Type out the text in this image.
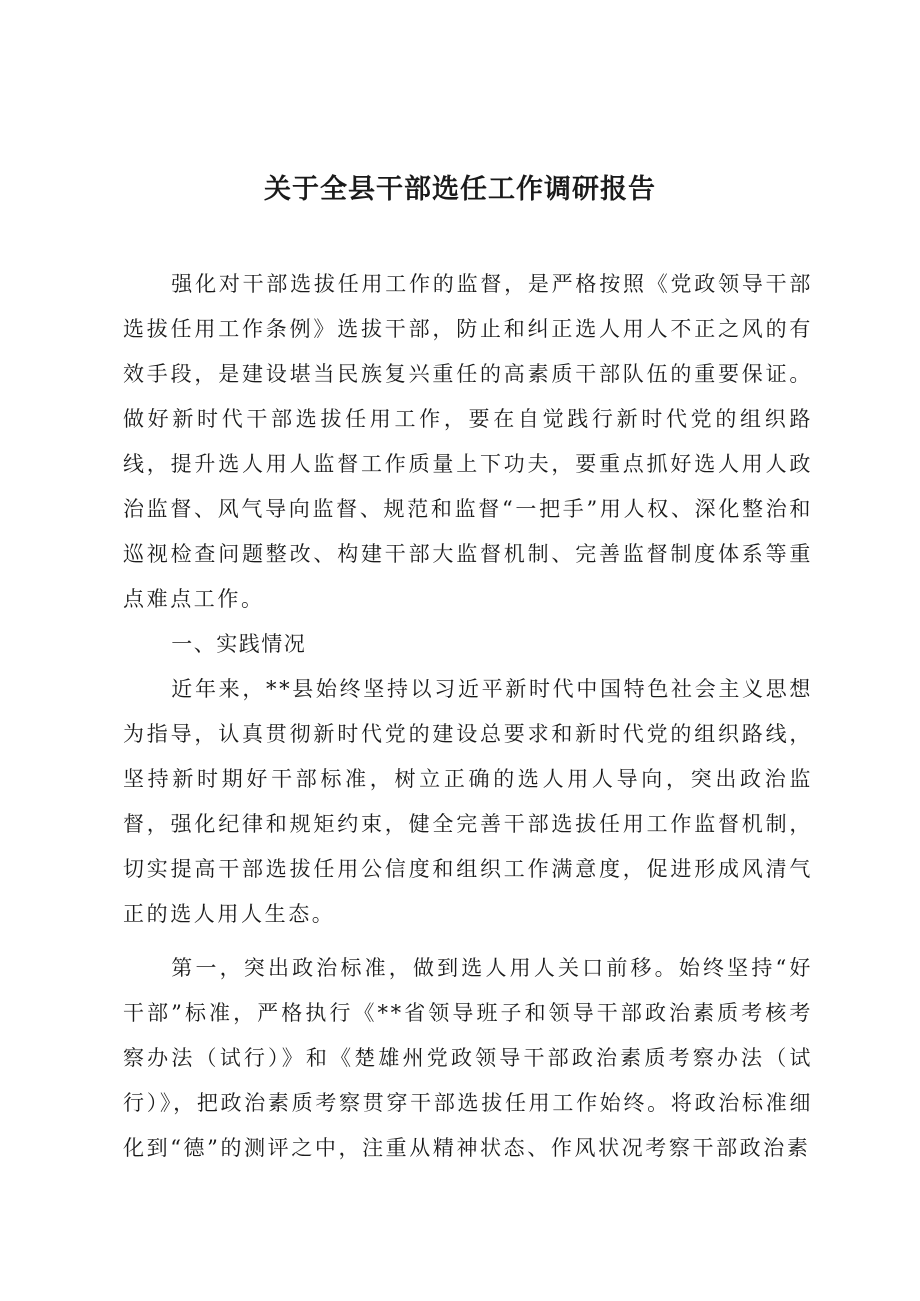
关于全县干部选任工作调研报告

强化对干部选拔任用工作的监督，是严格按照《党政领导干部选拔任用工作条例》选拔干部，防止和纠正选人用人不正之风的有效手段，是建设堪当民族复兴重任的高素质干部队伍的重要保证。做好新时代干部选拔任用工作，要在自觉践行新时代党的组织路线，提升选人用人监督工作质量上下功夫，要重点抓好选人用人政治监督、风气导向监督、规范和监督“一把手”用人权、深化整治和巡视检查问题整改、构建干部大监督机制、完善监督制度体系等重点难点工作。

一、实践情况

近年来，**县始终坚持以习近平新时代中国特色社会主义思想为指导，认真贯彻新时代党的建设总要求和新时代党的组织路线，坚持新时期好干部标准，树立正确的选人用人导向，突出政治监督，强化纪律和规矩约束，健全完善干部选拔任用工作监督机制，切实提高干部选拔任用公信度和组织工作满意度，促进形成风清气正的选人用人生态。

第一，突出政治标准，做到选人用人关口前移。始终坚持“好干部”标准，严格执行《**省领导班子和领导干部政治素质考核考察办法（试行）》和《楚雄州党政领导干部政治素质考察办法（试行）》，把政治素质考察贯穿干部选拔任用工作始终。将政治标准细化到“德”的测评之中，注重从精神状态、作风状况考察干部政治素
